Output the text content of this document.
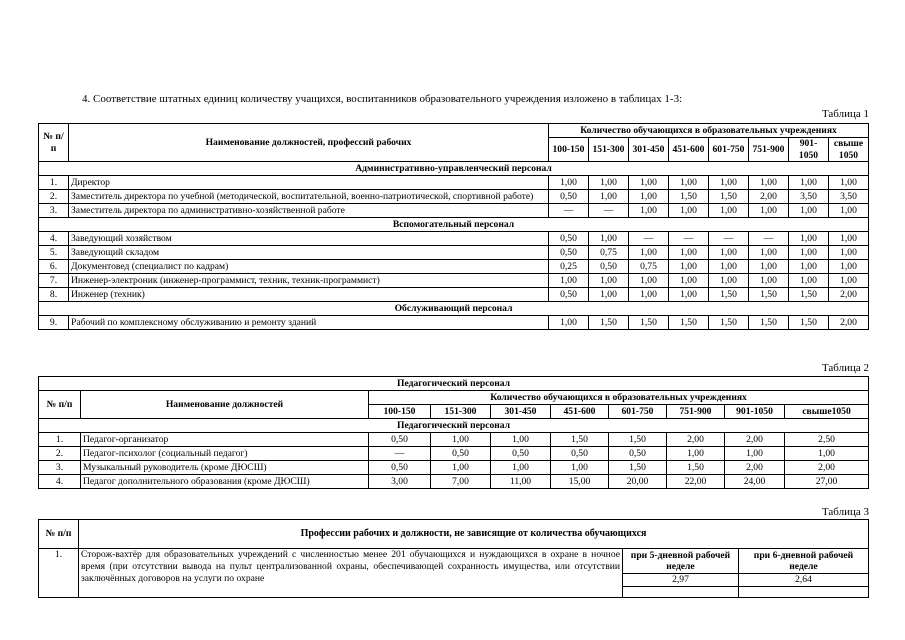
4. Соответствие штатных единиц количеству учащихся, воспитанников образовательного учреждения изложено в таблицах 1-3:
Таблица 1
№ п/п	Наименование должностей, профессий рабочих	Количество обучающихся в образовательных учреждениях							
		100-150	151-300	301-450	451-600	601-750	751-900	901-1050	свыше 1050
Административно-управленческий персонал									
1.	Директор	1,00	1,00	1,00	1,00	1,00	1,00	1,00	1,00
2.	Заместитель директора по учебной (методической, воспитательной, военно-патриотической, спортивной работе)	0,50	1,00	1,00	1,50	1,50	2,00	3,50	3,50
3.	Заместитель директора по административно-хозяйственной работе	—	—	1,00	1,00	1,00	1,00	1,00	1,00
Вспомогательный персонал									
4.	Заведующий хозяйством	0,50	1,00	—	—	—	—	1,00	1,00
5.	Заведующий складом	0,50	0,75	1,00	1,00	1,00	1,00	1,00	1,00
6.	Документовед (специалист по кадрам)	0,25	0,50	0,75	1,00	1,00	1,00	1,00	1,00
7.	Инженер-электроник (инженер-программист, техник, техник-программист)	1,00	1,00	1,00	1,00	1,00	1,00	1,00	1,00
8.	Инженер (техник)	0,50	1,00	1,00	1,00	1,50	1,50	1,50	2,00
Обслуживающий персонал									
9.	Рабочий по комплексному обслуживанию и ремонту зданий	1,00	1,50	1,50	1,50	1,50	1,50	1,50	2,00
Таблица 2
Педагогический персонал									
№ п/п	Наименование должностей	Количество обучающихся в образовательных учреждениях							
		100-150	151-300	301-450	451-600	601-750	751-900	901-1050	свыше1050
Педагогический персонал									
1.	Педагог-организатор	0,50	1,00	1,00	1,50	1,50	2,00	2,00	2,50
2.	Педагог-психолог (социальный педагог)	—	0,50	0,50	0,50	0,50	1,00	1,00	1,00
3.	Музыкальный руководитель (кроме ДЮСШ)	0,50	1,00	1,00	1,00	1,50	1,50	2,00	2,00
4.	Педагог дополнительного образования (кроме ДЮСШ)	3,00	7,00	11,00	15,00	20,00	22,00	24,00	27,00
Таблица 3
№ п/п	Профессии рабочих и должности, не зависящие от количества обучающихся		
1.	Сторож-вахтёр для образовательных учреждений с численностью менее 201 обучающихся и нуждающихся в охране в ночное время (при отсутствии вывода на пульт централизованной охраны, обеспечивающей сохранность имущества, или отсутствии заключённых договоров на услуги по охране	при 5-дневной рабочей неделе	при 6-дневной рабочей неделе
		2,97	2,64
